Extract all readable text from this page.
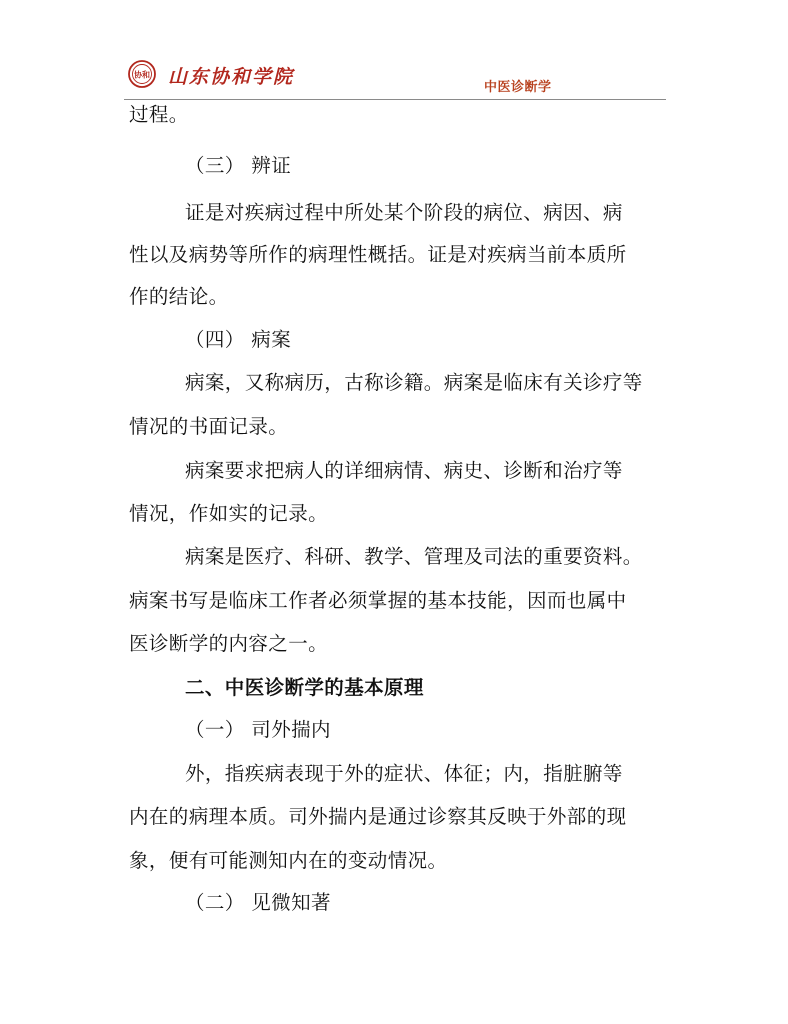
协和 山东协和学院	中医诊断学
过程。
（三） 辨证
证是对疾病过程中所处某个阶段的病位、病因、病
性以及病势等所作的病理性概括。证是对疾病当前本质所
作的结论。
（四） 病案
病案，又称病历，古称诊籍。病案是临床有关诊疗等
情况的书面记录。
病案要求把病人的详细病情、病史、诊断和治疗等
情况，作如实的记录。
病案是医疗、科研、教学、管理及司法的重要资料。
病案书写是临床工作者必须掌握的基本技能，因而也属中
医诊断学的内容之一。
二、中医诊断学的基本原理
（一） 司外揣内
外，指疾病表现于外的症状、体征；内，指脏腑等
内在的病理本质。司外揣内是通过诊察其反映于外部的现
象，便有可能测知内在的变动情况。
（二） 见微知著
